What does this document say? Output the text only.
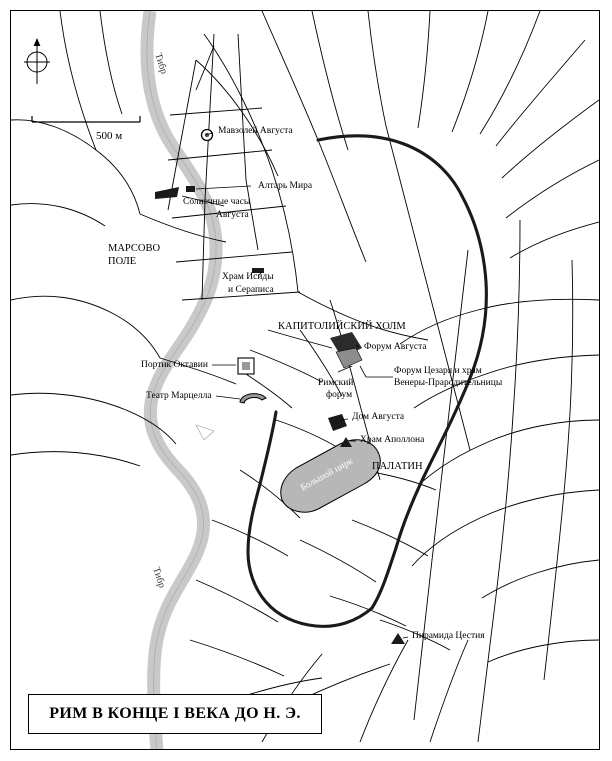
500 м
Тибр
Тибр
МАРСОВО
ПОЛЕ
КАПИТОЛИЙСКИЙ ХОЛМ
ПАЛАТИН
Мавзолей Августа
Алтарь Мира
Солнечные часы
Августа
Храм Исиды
и Сераписа
Форум Августа
Форум Цезаря и храм
Венеры-Прародительницы
Римский
форум
Портик Октавии
Театр Марцелла
Дом Августа
Храм Аполлона
Большой цирк
Пирамида Цестия
РИМ В КОНЦЕ I ВЕКА ДО Н. Э.
